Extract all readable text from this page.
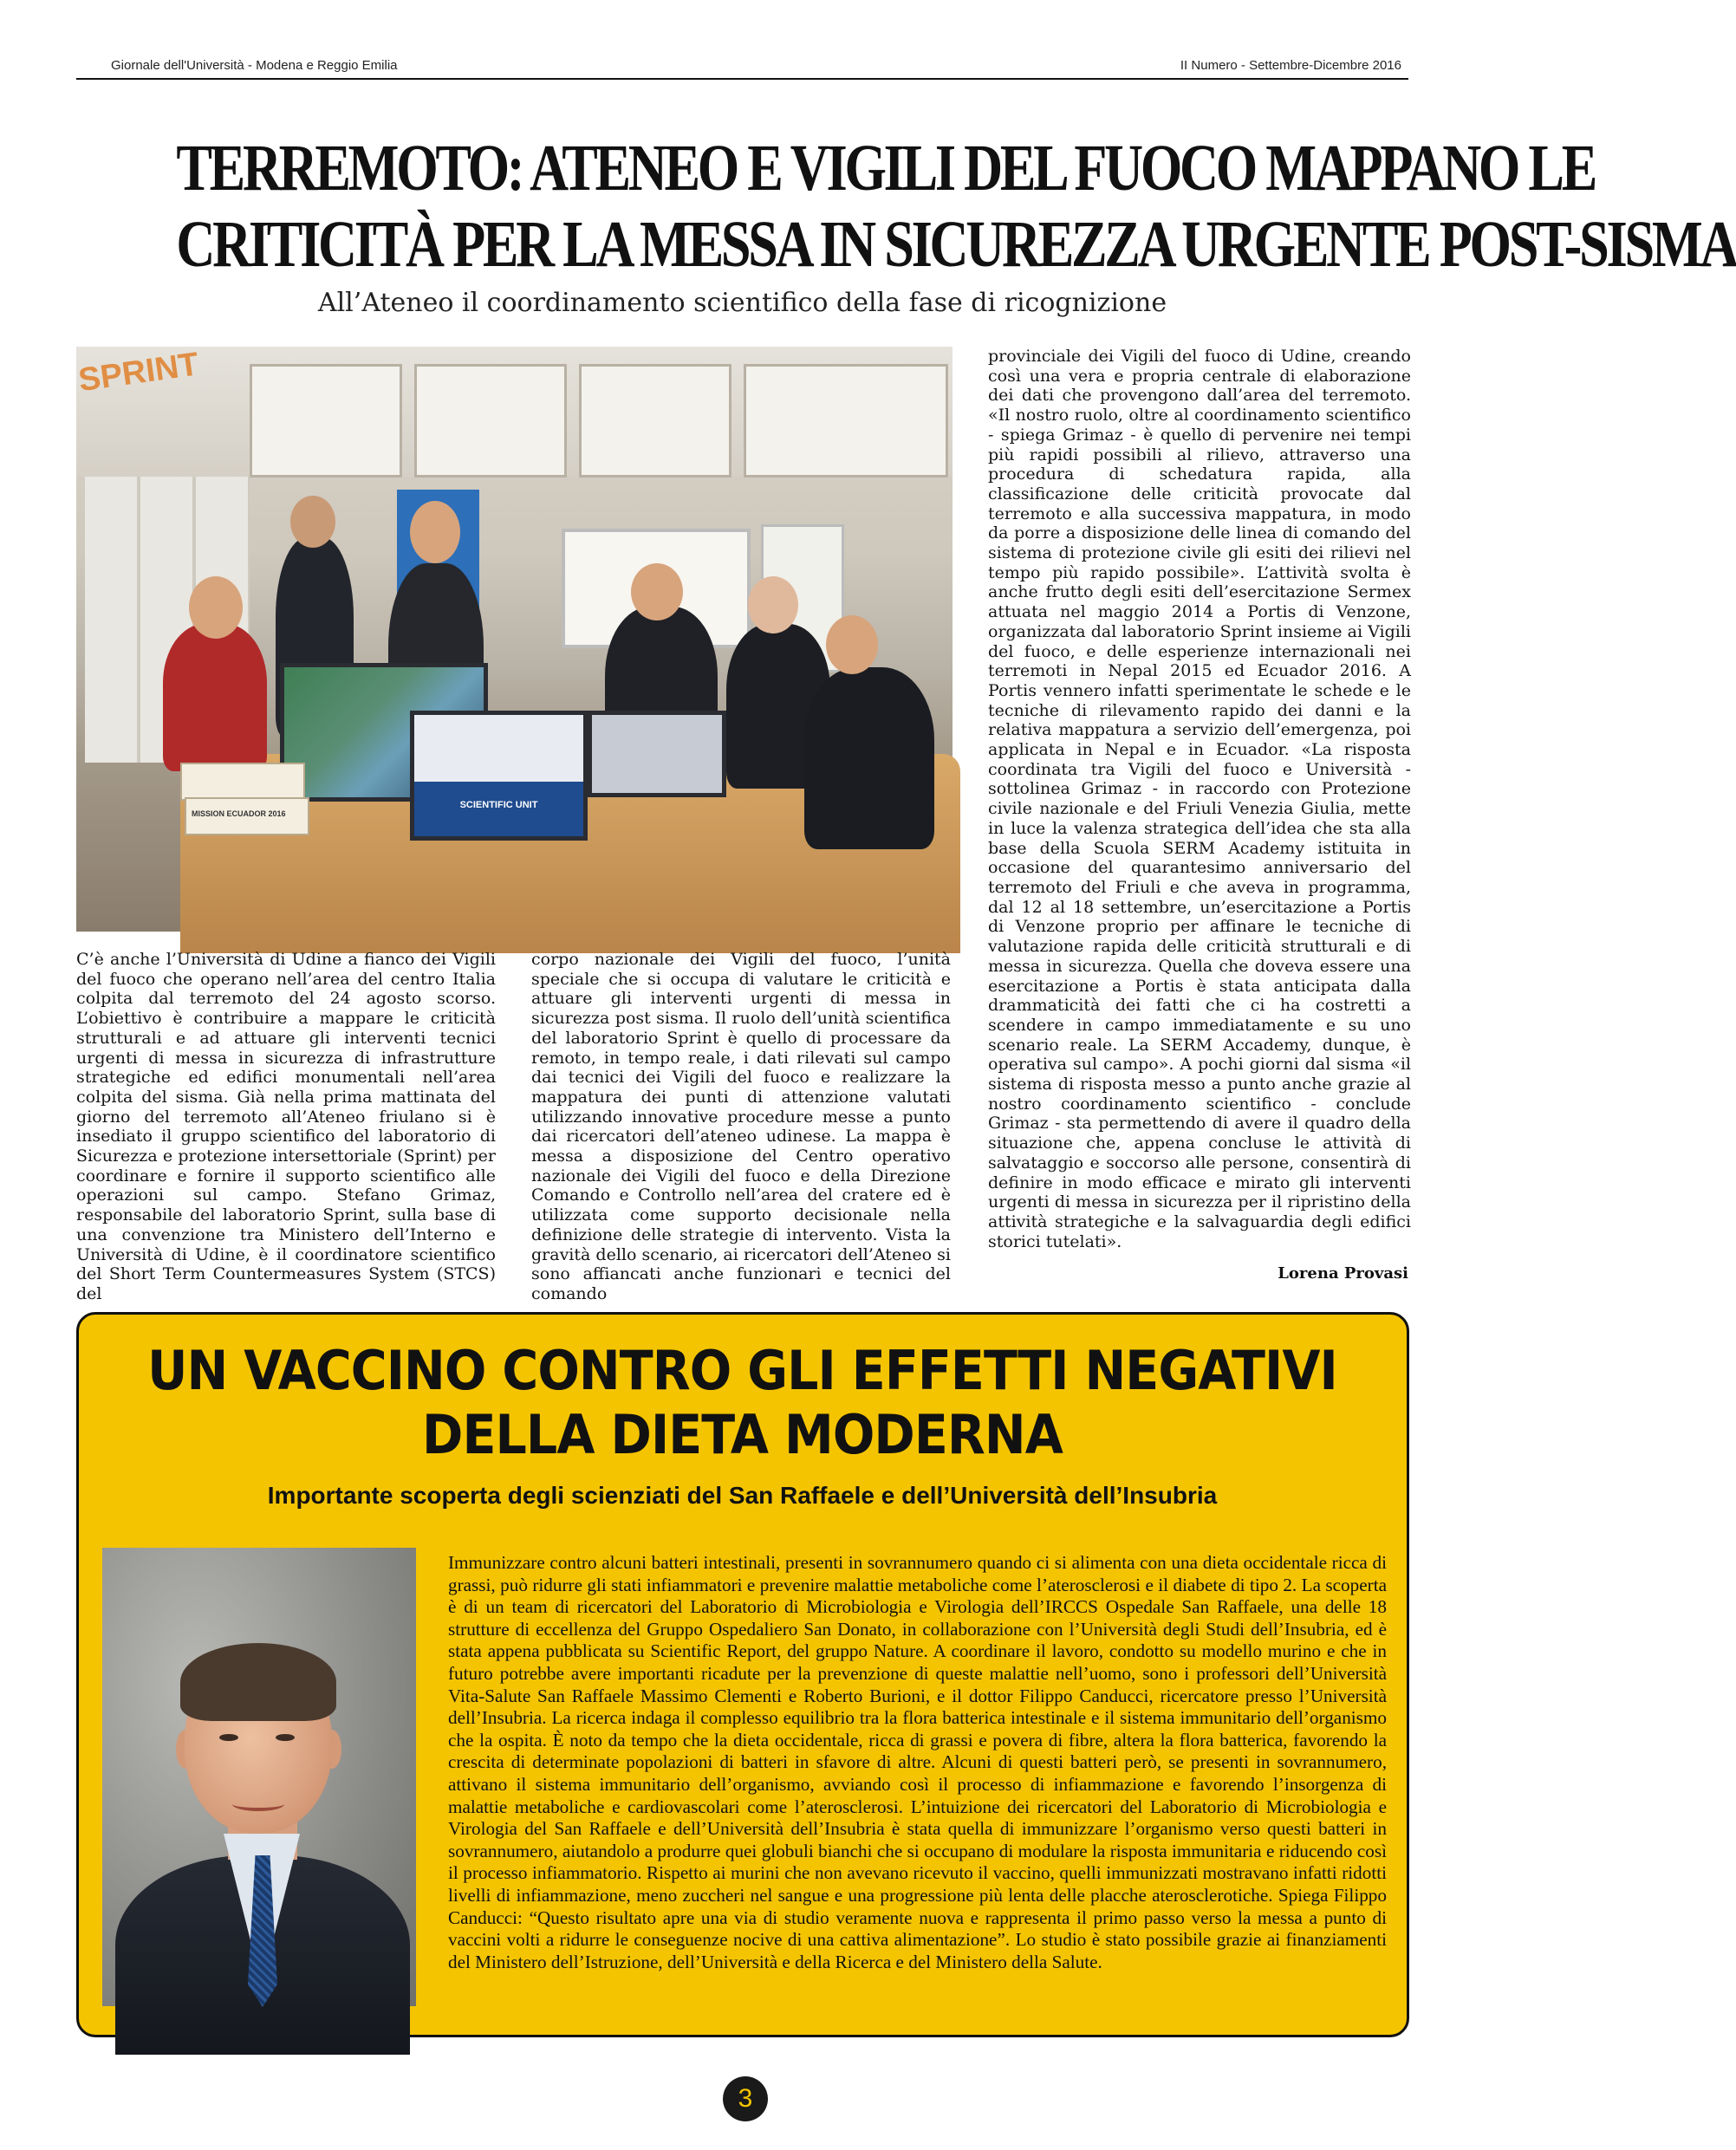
Giornale dell'Università - Modena e Reggio Emilia	II Numero - Settembre-Dicembre 2016
TERREMOTO: ATENEO E VIGILI DEL FUOCO MAPPANO LE
CRITICITÀ PER LA MESSA IN SICUREZZA URGENTE POST-SISMA
All’Ateneo il coordinamento scientifico della fase di ricognizione
SPRINT
SCIENTIFIC UNIT
MISSION ECUADOR 2016
C’è anche l’Università di Udine a fianco dei Vigili del fuoco che operano nell’area del centro Italia colpita dal terremoto del 24 agosto scorso. L’obiettivo è contribuire a mappare le criticità strutturali e ad attuare gli interventi tecnici urgenti di messa in sicurezza di infrastrutture strategiche ed edifici monumentali nell’area colpita del sisma. Già nella prima mattinata del giorno del terremoto all’Ateneo friulano si è insediato il gruppo scientifico del laboratorio di Sicurezza e protezione intersettoriale (Sprint) per coordinare e fornire il supporto scientifico alle operazioni sul campo. Stefano Grimaz, responsabile del laboratorio Sprint, sulla base di una convenzione tra Ministero dell’Interno e Università di Udine, è il coordinatore scientifico del Short Term Countermeasures System (STCS) del
corpo nazionale dei Vigili del fuoco, l’unità speciale che si occupa di valutare le criticità e attuare gli interventi urgenti di messa in sicurezza post sisma. Il ruolo dell’unità scientifica del laboratorio Sprint è quello di processare da remoto, in tempo reale, i dati rilevati sul campo dai tecnici dei Vigili del fuoco e realizzare la mappatura dei punti di attenzione valutati utilizzando innovative procedure messe a punto dai ricercatori dell’ateneo udinese. La mappa è messa a disposizione del Centro operativo nazionale dei Vigili del fuoco e della Direzione Comando e Controllo nell’area del cratere ed è utilizzata come supporto decisionale nella definizione delle strategie di intervento. Vista la gravità dello scenario, ai ricercatori dell’Ateneo si sono affiancati anche funzionari e tecnici del comando
provinciale dei Vigili del fuoco di Udine, creando così una vera e propria centrale di elaborazione dei dati che provengono dall’area del terremoto. «Il nostro ruolo, oltre al coordinamento scientifico - spiega Grimaz - è quello di pervenire nei tempi più rapidi possibili al rilievo, attraverso una procedura di schedatura rapida, alla classificazione delle criticità provocate dal terremoto e alla successiva mappatura, in modo da porre a disposizione delle linea di comando del sistema di protezione civile gli esiti dei rilievi nel tempo più rapido possibile». L’attività svolta è anche frutto degli esiti dell’esercitazione Sermex attuata nel maggio 2014 a Portis di Venzone, organizzata dal laboratorio Sprint insieme ai Vigili del fuoco, e delle esperienze internazionali nei terremoti in Nepal 2015 ed Ecuador 2016. A Portis vennero infatti sperimentate le schede e le tecniche di rilevamento rapido dei danni e la relativa mappatura a servizio dell’emergenza, poi applicata in Nepal e in Ecuador. «La risposta coordinata tra Vigili del fuoco e Università - sottolinea Grimaz - in raccordo con Protezione civile nazionale e del Friuli Venezia Giulia, mette in luce la valenza strategica dell’idea che sta alla base della Scuola SERM Academy istituita in occasione del quarantesimo anniversario del terremoto del Friuli e che aveva in programma, dal 12 al 18 settembre, un’esercitazione a Portis di Venzone proprio per affinare le tecniche di valutazione rapida delle criticità strutturali e di messa in sicurezza. Quella che doveva essere una esercitazione a Portis è stata anticipata dalla drammaticità dei fatti che ci ha costretti a scendere in campo immediatamente e su uno scenario reale. La SERM Accademy, dunque, è operativa sul campo». A pochi giorni dal sisma «il sistema di risposta messo a punto anche grazie al nostro coordinamento scientifico - conclude Grimaz - sta permettendo di avere il quadro della situazione che, appena concluse le attività di salvataggio e soccorso alle persone, consentirà di definire in modo efficace e mirato gli interventi urgenti di messa in sicurezza per il ripristino della attività strategiche e la salvaguardia degli edifici storici tutelati».
Lorena Provasi
UN VACCINO CONTRO GLI EFFETTI NEGATIVI
DELLA DIETA MODERNA
Importante scoperta degli scienziati del San Raffaele e dell’Università dell’Insubria
Immunizzare contro alcuni batteri intestinali, presenti in sovrannumero quando ci si alimenta con una dieta occidentale ricca di grassi, può ridurre gli stati infiammatori e prevenire malattie metaboliche come l’aterosclerosi e il diabete di tipo 2. La scoperta è di un team di ricercatori del Laboratorio di Microbiologia e Virologia dell’IRCCS Ospedale San Raffaele, una delle 18 strutture di eccellenza del Gruppo Ospedaliero San Donato, in collaborazione con l’Università degli Studi dell’Insubria, ed è stata appena pubblicata su Scientific Report, del gruppo Nature. A coordinare il lavoro, condotto su modello murino e che in futuro potrebbe avere importanti ricadute per la prevenzione di queste malattie nell’uomo, sono i professori dell’Università Vita-Salute San Raffaele Massimo Clementi e Roberto Burioni, e il dottor Filippo Canducci, ricercatore presso l’Università dell’Insubria. La ricerca indaga il complesso equilibrio tra la flora batterica intestinale e il sistema immunitario dell’organismo che la ospita. È noto da tempo che la dieta occidentale, ricca di grassi e povera di fibre, altera la flora batterica, favorendo la crescita di determinate popolazioni di batteri in sfavore di altre. Alcuni di questi batteri però, se presenti in sovrannumero, attivano il sistema immunitario dell’organismo, avviando così il processo di infiammazione e favorendo l’insorgenza di malattie metaboliche e cardiovascolari come l’aterosclerosi. L’intuizione dei ricercatori del Laboratorio di Microbiologia e Virologia del San Raffaele e dell’Università dell’Insubria è stata quella di immunizzare l’organismo verso questi batteri in sovrannumero, aiutandolo a produrre quei globuli bianchi che si occupano di modulare la risposta immunitaria e riducendo così il processo infiammatorio. Rispetto ai murini che non avevano ricevuto il vaccino, quelli immunizzati mostravano infatti ridotti livelli di infiammazione, meno zuccheri nel sangue e una progressione più lenta delle placche aterosclerotiche. Spiega Filippo Canducci: “Questo risultato apre una via di studio veramente nuova e rappresenta il primo passo verso la messa a punto di vaccini volti a ridurre le conseguenze nocive di una cattiva alimentazione”. Lo studio è stato possibile grazie ai finanziamenti del Ministero dell’Istruzione, dell’Università e della Ricerca e del Ministero della Salute.
3
